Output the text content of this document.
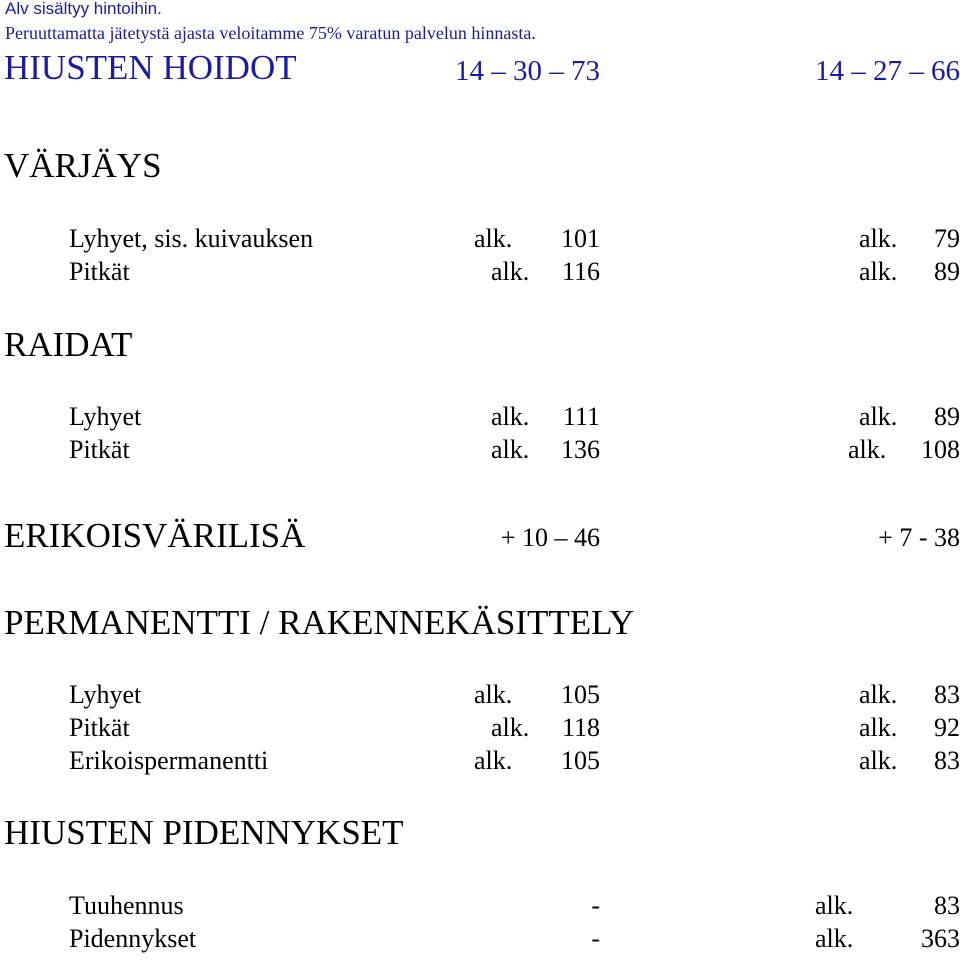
Alv sisältyy hintoihin.
Peruuttamatta jätetystä ajasta veloitamme 75% varatun palvelun hinnasta.
HIUSTEN HOIDOT	14 – 30 – 73	14 – 27 – 66
VÄRJÄYS
Lyhyet, sis. kuivauksen	alk. 101	alk. 79
Pitkät	alk. 116	alk. 89
RAIDAT
Lyhyet	alk. 111	alk. 89
Pitkät	alk. 136	alk. 108
ERIKOISVÄRILISÄ	+ 10 – 46	+ 7 - 38
PERMANENTTI / RAKENNEKÄSITTELY
Lyhyet	alk. 105	alk. 83
Pitkät	alk. 118	alk. 92
Erikoispermanentti	alk. 105	alk. 83
HIUSTEN PIDENNYKSET
Tuuhennus	-	alk.	83
Pidennykset	-	alk.	363
